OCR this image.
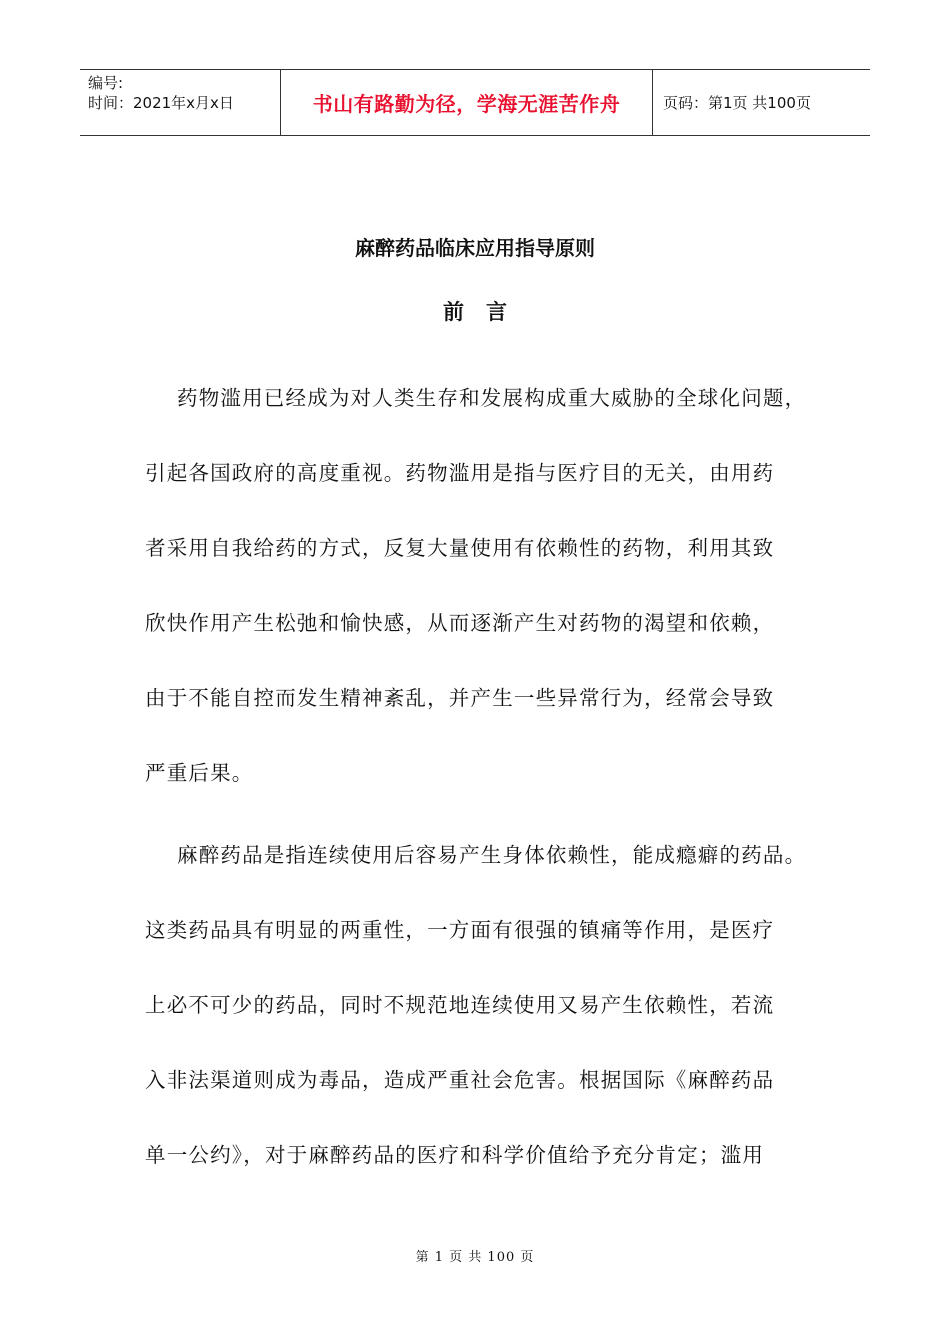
编号:
时间：2021年x月x日	书山有路勤为径，学海无涯苦作舟	页码：第1页 共100页
麻醉药品临床应用指导原则
前言
药物滥用已经成为对人类生存和发展构成重大威胁的全球化问题，
引起各国政府的高度重视。药物滥用是指与医疗目的无关，由用药
者采用自我给药的方式，反复大量使用有依赖性的药物，利用其致
欣快作用产生松弛和愉快感，从而逐渐产生对药物的渴望和依赖，
由于不能自控而发生精神紊乱，并产生一些异常行为，经常会导致
严重后果。
麻醉药品是指连续使用后容易产生身体依赖性，能成瘾癖的药品。
这类药品具有明显的两重性，一方面有很强的镇痛等作用，是医疗
上必不可少的药品，同时不规范地连续使用又易产生依赖性，若流
入非法渠道则成为毒品，造成严重社会危害。根据国际《麻醉药品
单一公约》，对于麻醉药品的医疗和科学价值给予充分肯定；滥用
第 1 页 共 100 页
